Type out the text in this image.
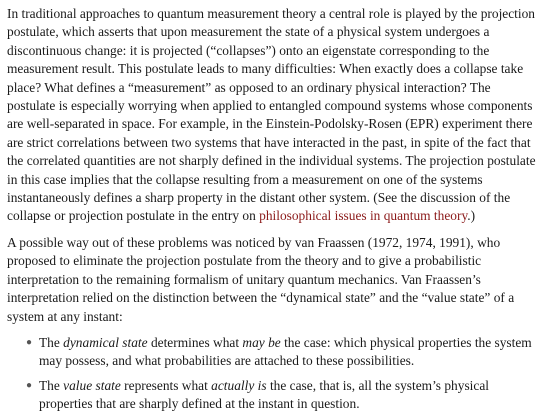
In traditional approaches to quantum measurement theory a central role is played by the projection postulate, which asserts that upon measurement the state of a physical system undergoes a discontinuous change: it is projected (“collapses”) onto an eigenstate corresponding to the measurement result. This postulate leads to many difficulties: When exactly does a collapse take place? What defines a “measurement” as opposed to an ordinary physical interaction? The postulate is especially worrying when applied to entangled compound systems whose components are well-separated in space. For example, in the Einstein-Podolsky-Rosen (EPR) experiment there are strict correlations between two systems that have interacted in the past, in spite of the fact that the correlated quantities are not sharply defined in the individual systems. The projection postulate in this case implies that the collapse resulting from a measurement on one of the systems instantaneously defines a sharp property in the distant other system. (See the discussion of the collapse or projection postulate in the entry on philosophical issues in quantum theory.)

A possible way out of these problems was noticed by van Fraassen (1972, 1974, 1991), who proposed to eliminate the projection postulate from the theory and to give a probabilistic interpretation to the remaining formalism of unitary quantum mechanics. Van Fraassen’s interpretation relied on the distinction between the “dynamical state” and the “value state” of a system at any instant:

● The dynamical state determines what may be the case: which physical properties the system may possess, and what probabilities are attached to these possibilities.
● The value state represents what actually is the case, that is, all the system’s physical properties that are sharply defined at the instant in question.
